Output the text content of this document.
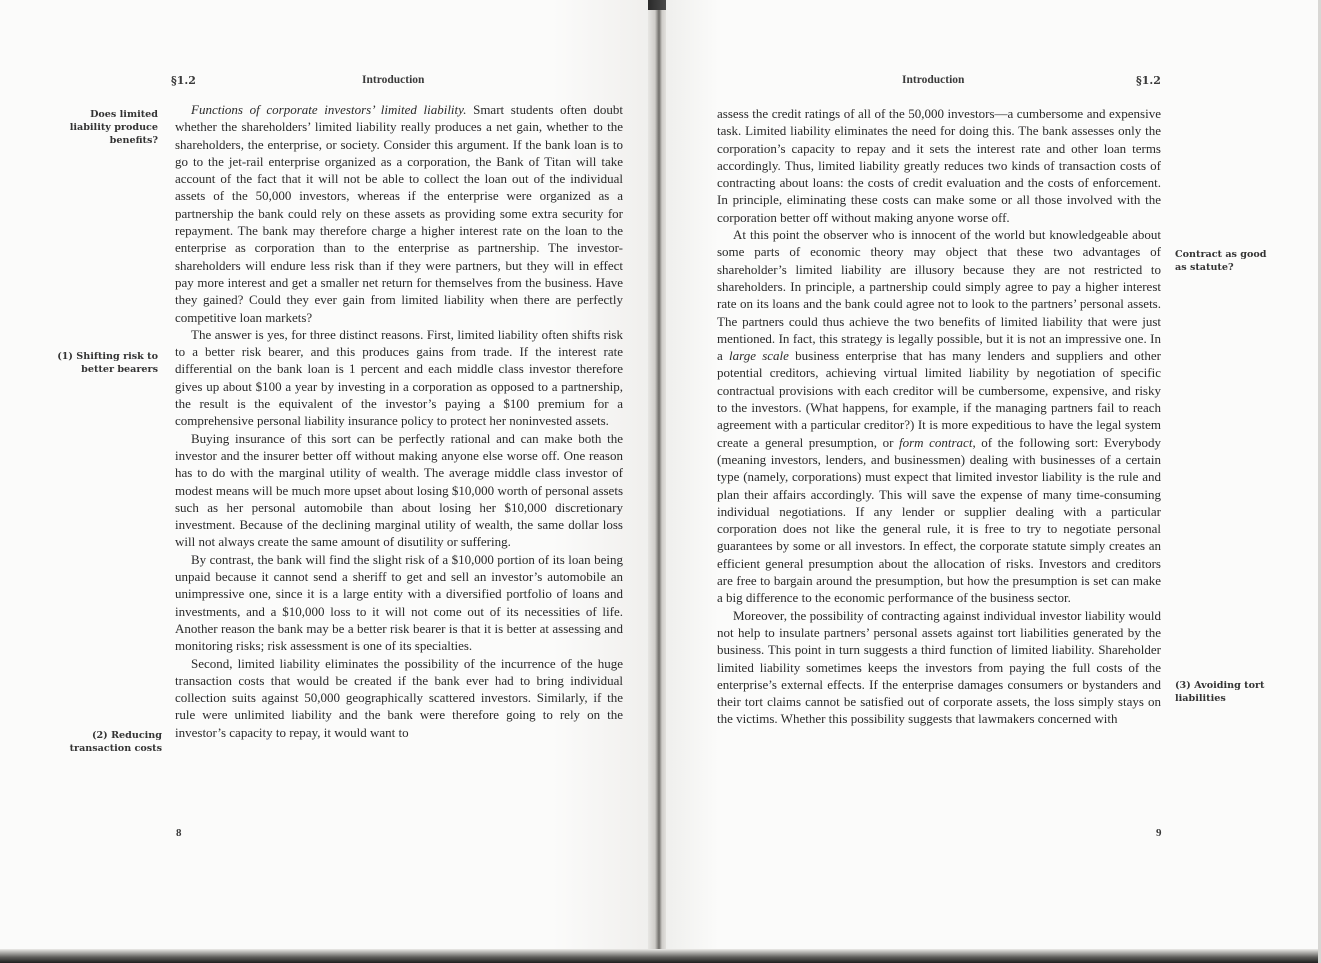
§1.2	Introduction
Does limited liability produce benefits?
(1) Shifting risk to better bearers
(2) Reducing transaction costs

Functions of corporate investors’ limited liability. Smart students often doubt whether the shareholders’ limited liability really produces a net gain, whether to the shareholders, the enterprise, or society. Consider this argument. If the bank loan is to go to the jet-rail enterprise organized as a corporation, the Bank of Titan will take account of the fact that it will not be able to collect the loan out of the individual assets of the 50,000 investors, whereas if the enterprise were organized as a partnership the bank could rely on these assets as providing some extra security for repayment. The bank may therefore charge a higher interest rate on the loan to the enterprise as corporation than to the enterprise as partnership. The investor-shareholders will endure less risk than if they were partners, but they will in effect pay more interest and get a smaller net return for themselves from the business. Have they gained? Could they ever gain from limited liability when there are perfectly competitive loan markets?

The answer is yes, for three distinct reasons. First, limited liability often shifts risk to a better risk bearer, and this produces gains from trade. If the interest rate differential on the bank loan is 1 percent and each middle class investor therefore gives up about $100 a year by investing in a corporation as opposed to a partnership, the result is the equivalent of the investor’s paying a $100 premium for a comprehensive personal liability insurance policy to protect her noninvested assets.

Buying insurance of this sort can be perfectly rational and can make both the investor and the insurer better off without making anyone else worse off. One reason has to do with the marginal utility of wealth. The average middle class investor of modest means will be much more upset about losing $10,000 worth of personal assets such as her personal automobile than about losing her $10,000 discretionary investment. Because of the declining marginal utility of wealth, the same dollar loss will not always create the same amount of disutility or suffering.

By contrast, the bank will find the slight risk of a $10,000 portion of its loan being unpaid because it cannot send a sheriff to get and sell an investor’s automobile an unimpressive one, since it is a large entity with a diversified portfolio of loans and investments, and a $10,000 loss to it will not come out of its necessities of life. Another reason the bank may be a better risk bearer is that it is better at assessing and monitoring risks; risk assessment is one of its specialties.

Second, limited liability eliminates the possibility of the incurrence of the huge transaction costs that would be created if the bank ever had to bring individual collection suits against 50,000 geographically scattered investors. Similarly, if the rule were unlimited liability and the bank were therefore going to rely on the investor’s capacity to repay, it would want to

8
Introduction	§1.2
Contract as good as statute?
(3) Avoiding tort liabilities
9

assess the credit ratings of all of the 50,000 investors—a cumbersome and expensive task. Limited liability eliminates the need for doing this. The bank assesses only the corporation’s capacity to repay and it sets the interest rate and other loan terms accordingly. Thus, limited liability greatly reduces two kinds of transaction costs of contracting about loans: the costs of credit evaluation and the costs of enforcement. In principle, eliminating these costs can make some or all those involved with the corporation better off without making anyone worse off.

At this point the observer who is innocent of the world but knowledgeable about some parts of economic theory may object that these two advantages of shareholder’s limited liability are illusory because they are not restricted to shareholders. In principle, a partnership could simply agree to pay a higher interest rate on its loans and the bank could agree not to look to the partners’ personal assets. The partners could thus achieve the two benefits of limited liability that were just mentioned. In fact, this strategy is legally possible, but it is not an impressive one. In a large scale business enterprise that has many lenders and suppliers and other potential creditors, achieving virtual limited liability by negotiation of specific contractual provisions with each creditor will be cumbersome, expensive, and risky to the investors. (What happens, for example, if the managing partners fail to reach agreement with a particular creditor?) It is more expeditious to have the legal system create a general presumption, or form contract, of the following sort: Everybody (meaning investors, lenders, and businessmen) dealing with businesses of a certain type (namely, corporations) must expect that limited investor liability is the rule and plan their affairs accordingly. This will save the expense of many time-consuming individual negotiations. If any lender or supplier dealing with a particular corporation does not like the general rule, it is free to try to negotiate personal guarantees by some or all investors. In effect, the corporate statute simply creates an efficient general presumption about the allocation of risks. Investors and creditors are free to bargain around the presumption, but how the presumption is set can make a big difference to the economic performance of the business sector.

Moreover, the possibility of contracting against individual investor liability would not help to insulate partners’ personal assets against tort liabilities generated by the business. This point in turn suggests a third function of limited liability. Shareholder limited liability sometimes keeps the investors from paying the full costs of the enterprise’s external effects. If the enterprise damages consumers or bystanders and their tort claims cannot be satisfied out of corporate assets, the loss simply stays on the victims. Whether this possibility suggests that lawmakers concerned with
